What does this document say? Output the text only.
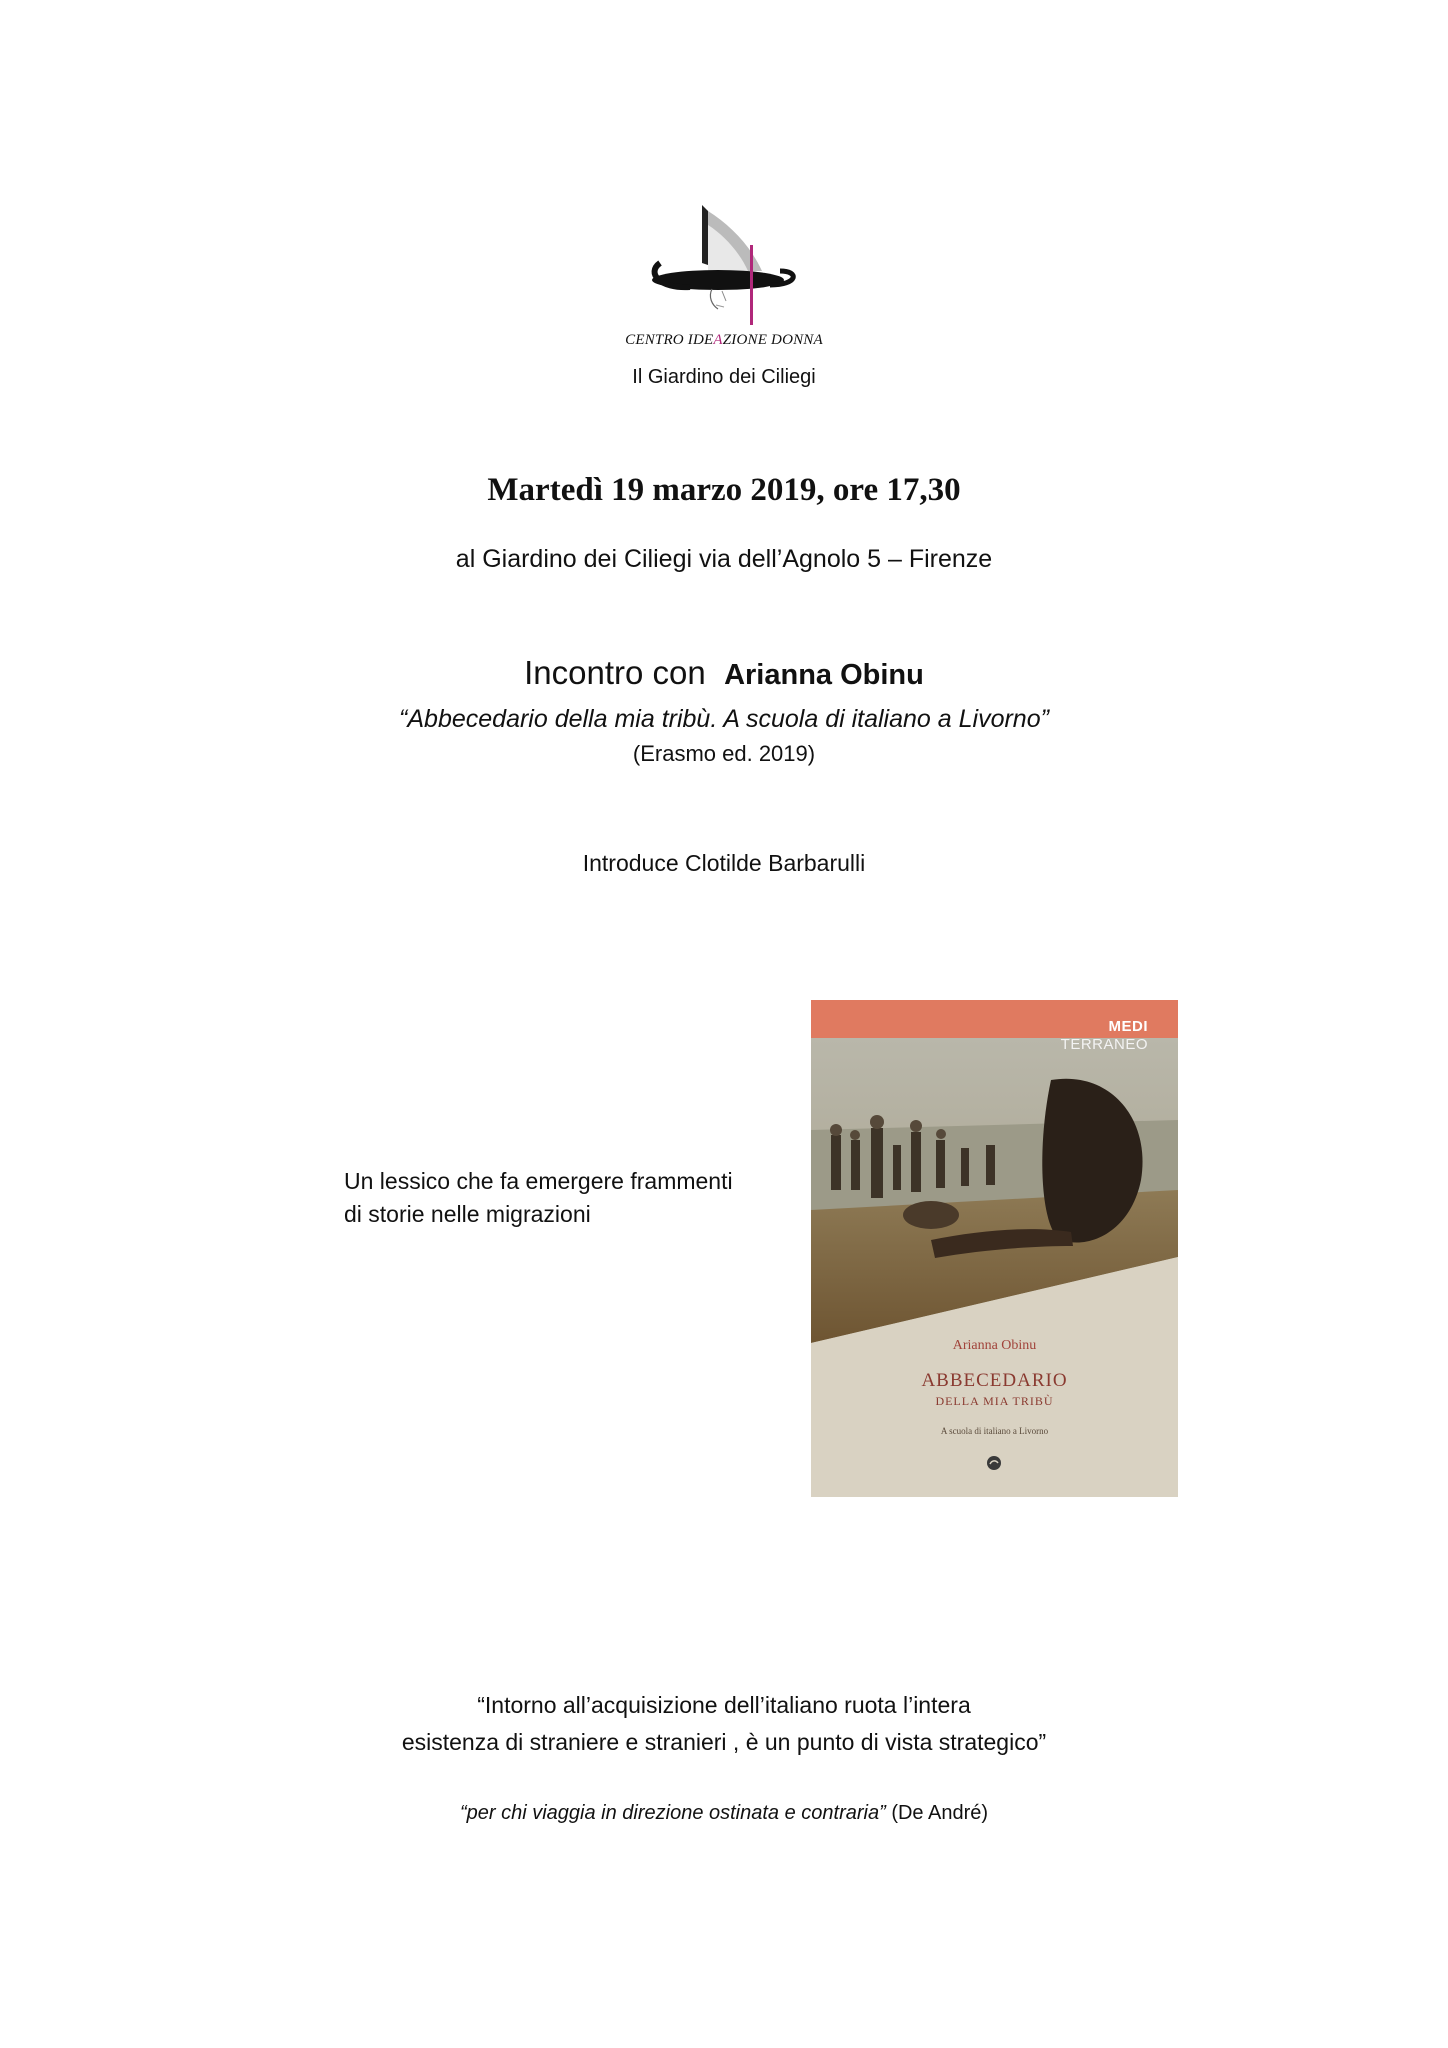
CENTRO IDEAZIONE DONNA
Il Giardino dei Ciliegi
Martedì 19 marzo 2019, ore 17,30
al Giardino dei Ciliegi via dell’Agnolo 5 – Firenze
Incontro con Arianna Obinu
“Abbecedario della mia tribù. A scuola di italiano a Livorno”
(Erasmo ed. 2019)
Introduce Clotilde Barbarulli
Un lessico che fa emergere frammenti
di storie nelle migrazioni
MEDI
TERRANEO
Arianna Obinu
ABBECEDARIO
DELLA MIA TRIBÙ
A scuola di italiano a Livorno
“Intorno all’acquisizione dell’italiano ruota l’intera
esistenza di straniere e stranieri , è un punto di vista strategico”
“per chi viaggia in direzione ostinata e contraria” (De André)
